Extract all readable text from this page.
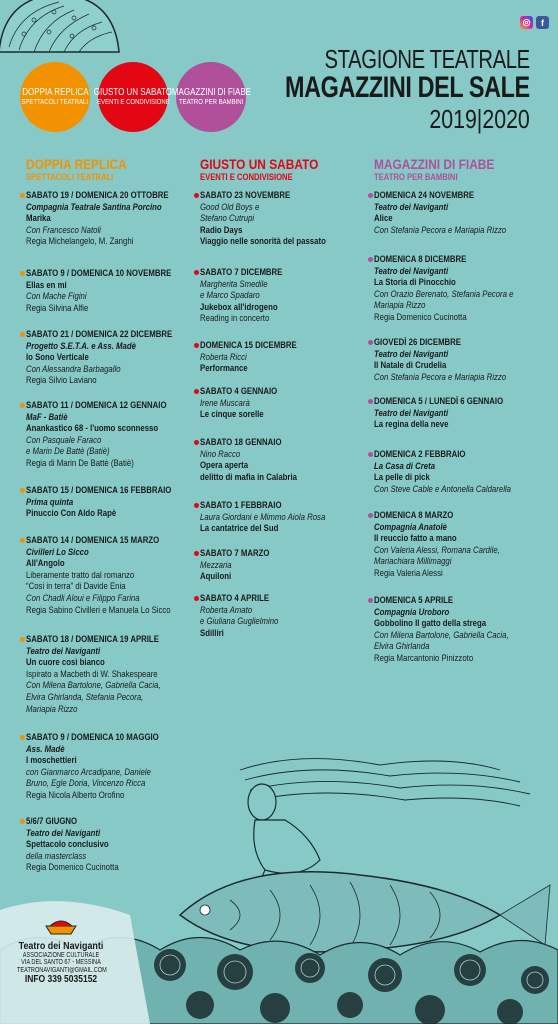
◎	f
STAGIONE TEATRALE
MAGAZZINI DEL SALE
2019|2020
DOPPIA REPLICA
SPETTACOLI TEATRALI
GIUSTO UN SABATO
EVENTI E CONDIVISIONE
MAGAZZINI DI FIABE
TEATRO PER BAMBINI
DOPPIA REPLICA
SPETTACOLI TEATRALI
SABATO 19 / DOMENICA 20 OTTOBRE
Compagnia Teatrale Santina Porcino
Marika
Con Francesco Natoli
Regia Michelangelo, M. Zanghi
SABATO 9 / DOMENICA 10 NOVEMBRE
Ellas en mi
Con Mache Figini
Regia Silvina Alfie
SABATO 21 / DOMENICA 22 DICEMBRE
Progetto S.E.T.A. e Ass. Madè
Io Sono Verticale
Con Alessandra Barbagallo
Regia Silvio Laviano
SABATO 11 / DOMENICA 12 GENNAIO
MaF - Batiè
Anankastico 68 - l'uomo sconnesso
Con Pasquale Faraco
e Marin De Battè (Batiè)
Regia di Marin De Battè (Batiè)
SABATO 15 / DOMENICA 16 FEBBRAIO
Prima quinta
Pinuccio Con Aldo Rapè
SABATO 14 / DOMENICA 15 MARZO
Civilleri Lo Sicco
All'Angolo
Liberamente tratto dal romanzo
“Cosi in terra” di Davide Enia
Con Chadli Aloui e Filippo Farina
Regia Sabino Civilleri e Manuela Lo Sicco
SABATO 18 / DOMENICA 19 APRILE
Teatro dei Naviganti
Un cuore così bianco
Ispirato a Macbeth di W. Shakespeare
Con Milena Bartolone, Gabriella Cacia,
Elvira Ghirlanda, Stefania Pecora,
Mariapia Rizzo
SABATO 9 / DOMENICA 10 MAGGIO
Ass. Madè
I moschettieri
con Gianmarco Arcadipane, Daniele
Bruno, Egle Doria, Vincenzo Ricca
Regia Nicola Alberto Orofino
5/6/7 GIUGNO
Teatro dei Naviganti
Spettacolo conclusivo
della masterclass
Regia Domenico Cucinotta
GIUSTO UN SABATO
EVENTI E CONDIVISIONE
SABATO 23 NOVEMBRE
Good Old Boys e
Stefano Cutrupi
Radio Days
Viaggio nelle sonorità del passato
SABATO 7 DICEMBRE
Margherita Smedile
e Marco Spadaro
Jukebox all'idrogeno
Reading in concerto
DOMENICA 15 DICEMBRE
Roberta Ricci
Performance
SABATO 4 GENNAIO
Irene Muscarà
Le cinque sorelle
SABATO 18 GENNAIO
Nino Racco
Opera aperta
delitto di mafia in Calabria
SABATO 1 FEBBRAIO
Laura Giordani e Mimmo Aiola Rosa
La cantatrice del Sud
SABATO 7 MARZO
Mezzaria
Aquiloni
SABATO 4 APRILE
Roberta Amato
e Giuliana Guglielmino
Sdilliri
MAGAZZINI DI FIABE
TEATRO PER BAMBINI
DOMENICA 24 NOVEMBRE
Teatro dei Naviganti
Alice
Con Stefania Pecora e Mariapia Rizzo
DOMENICA 8 DICEMBRE
Teatro dei Naviganti
La Storia di Pinocchio
Con Orazio Berenato, Stefania Pecora e
Mariapia Rizzo
Regia Domenico Cucinotta
GIOVEDÌ 26 DICEMBRE
Teatro dei Naviganti
Il Natale di Crudelia
Con Stefania Pecora e Mariapia Rizzo
DOMENICA 5 / LUNEDÌ 6 GENNAIO
Teatro dei Naviganti
La regina della neve
DOMENICA 2 FEBBRAIO
La Casa di Creta
La pelle di pick
Con Steve Cable e Antonella Caldarella
DOMENICA 8 MARZO
Compagnia Anatolè
Il reuccio fatto a mano
Con Valeria Alessi, Romana Cardile,
Mariachiara Millimaggi
Regia Valeria Alessi
DOMENICA 5 APRILE
Compagnia Uroboro
Gobbolino Il gatto della strega
Con Milena Bartolone, Gabriella Cacia,
Elvira Ghirlanda
Regia Marcantonio Pinizzoto
Teatro dei Naviganti
ASSOCIAZIONE CULTURALE
VIA DEL SANTO 67 - MESSINA
TEATRONAVIGANTI@GMAIL.COM
INFO 339 5035152
